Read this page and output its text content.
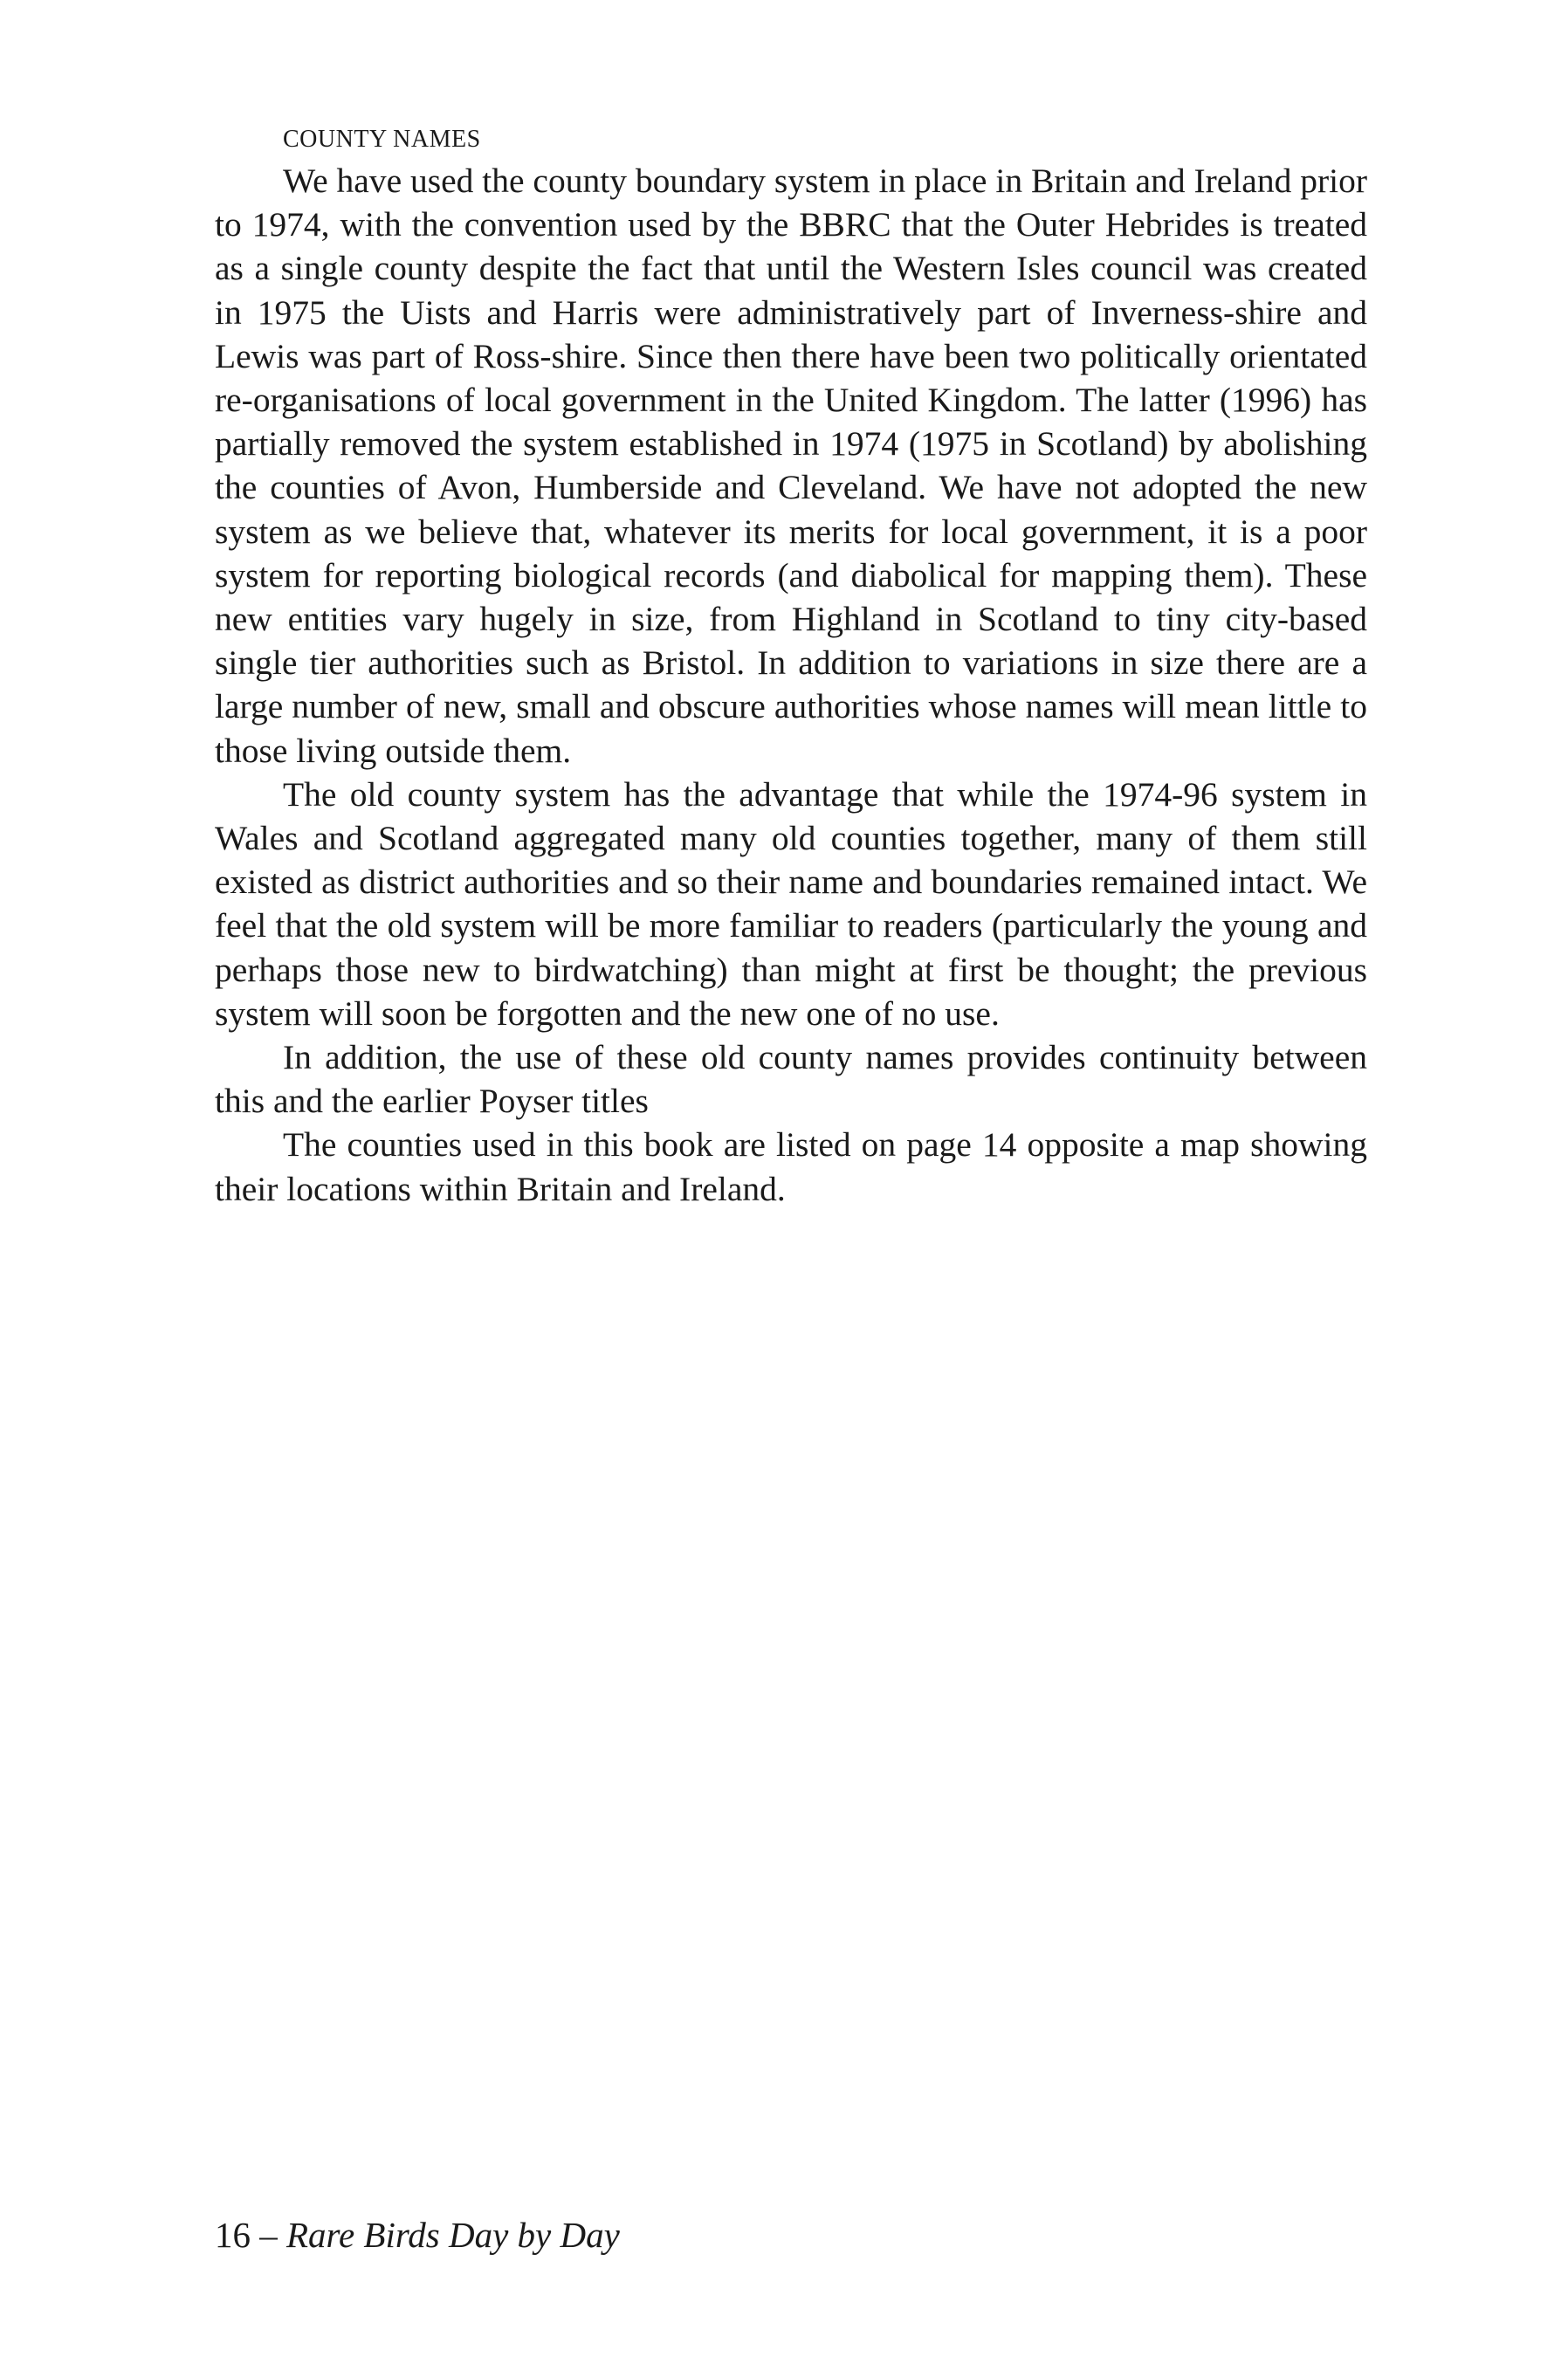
COUNTY NAMES

We have used the county boundary system in place in Britain and Ireland prior to 1974, with the convention used by the BBRC that the Outer Hebrides is treated as a single county despite the fact that until the Western Isles council was created in 1975 the Uists and Harris were administratively part of Inverness-shire and Lewis was part of Ross-shire. Since then there have been two politically orientated re-organisations of local government in the United Kingdom. The latter (1996) has partially removed the system established in 1974 (1975 in Scotland) by abolishing the counties of Avon, Humberside and Cleveland. We have not adopted the new system as we believe that, whatever its merits for local government, it is a poor system for reporting biological records (and diabolical for mapping them). These new entities vary hugely in size, from Highland in Scotland to tiny city-based single tier authorities such as Bristol. In addition to variations in size there are a large number of new, small and obscure authorities whose names will mean little to those living outside them.

The old county system has the advantage that while the 1974-96 system in Wales and Scotland aggregated many old counties together, many of them still existed as district authorities and so their name and boundaries remained intact. We feel that the old system will be more familiar to readers (particularly the young and perhaps those new to birdwatching) than might at first be thought; the previous system will soon be forgotten and the new one of no use.

In addition, the use of these old county names provides continuity between this and the earlier Poyser titles

The counties used in this book are listed on page 14 opposite a map showing their locations within Britain and Ireland.

16 – Rare Birds Day by Day
